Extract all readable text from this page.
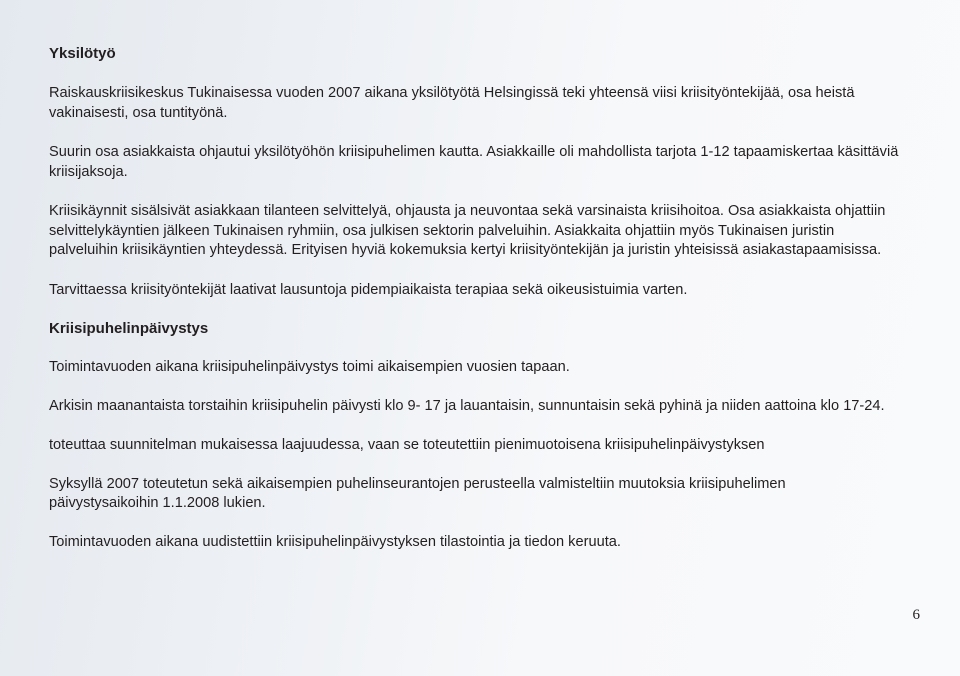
Yksilötyö

Raiskauskriisikeskus Tukinaisessa vuoden 2007 aikana yksilötyötä Helsingissä teki yhteensä viisi kriisityöntekijää, osa heistä vakinaisesti, osa tuntityönä.

Suurin osa asiakkaista ohjautui yksilötyöhön kriisipuhelimen kautta. Asiakkaille oli mahdollista tarjota 1-12 tapaamiskertaa käsittäviä kriisijaksoja.

Kriisikäynnit sisälsivät asiakkaan tilanteen selvittelyä, ohjausta ja neuvontaa sekä varsinaista kriisihoitoa. Osa asiakkaista ohjattiin selvittelykäyntien jälkeen Tukinaisen ryhmiin, osa julkisen sektorin palveluihin. Asiakkaita ohjattiin myös Tukinaisen juristin palveluihin kriisikäyntien yhteydessä. Erityisen hyviä kokemuksia kertyi kriisityöntekijän ja juristin yhteisissä asiakastapaamisissa.

Tarvittaessa kriisityöntekijät laativat lausuntoja pidempiaikaista terapiaa sekä oikeusistuimia varten.

Kriisipuhelinpäivystys

Toimintavuoden aikana kriisipuhelinpäivystys toimi aikaisempien vuosien tapaan.

Arkisin maanantaista torstaihin kriisipuhelin päivysti klo 9- 17 ja lauantaisin, sunnuntaisin sekä pyhinä ja niiden aattoina klo 17-24.

toteuttaa suunnitelman mukaisessa laajuudessa, vaan se toteutettiin pienimuotoisena kriisipuhelinpäivystyksen

Syksyllä 2007 toteutetun sekä aikaisempien puhelinseurantojen perusteella valmisteltiin muutoksia kriisipuhelimen päivystysaikoihin 1.1.2008 lukien.

Toimintavuoden aikana uudistettiin kriisipuhelinpäivystyksen tilastointia ja tiedon keruuta.

6
